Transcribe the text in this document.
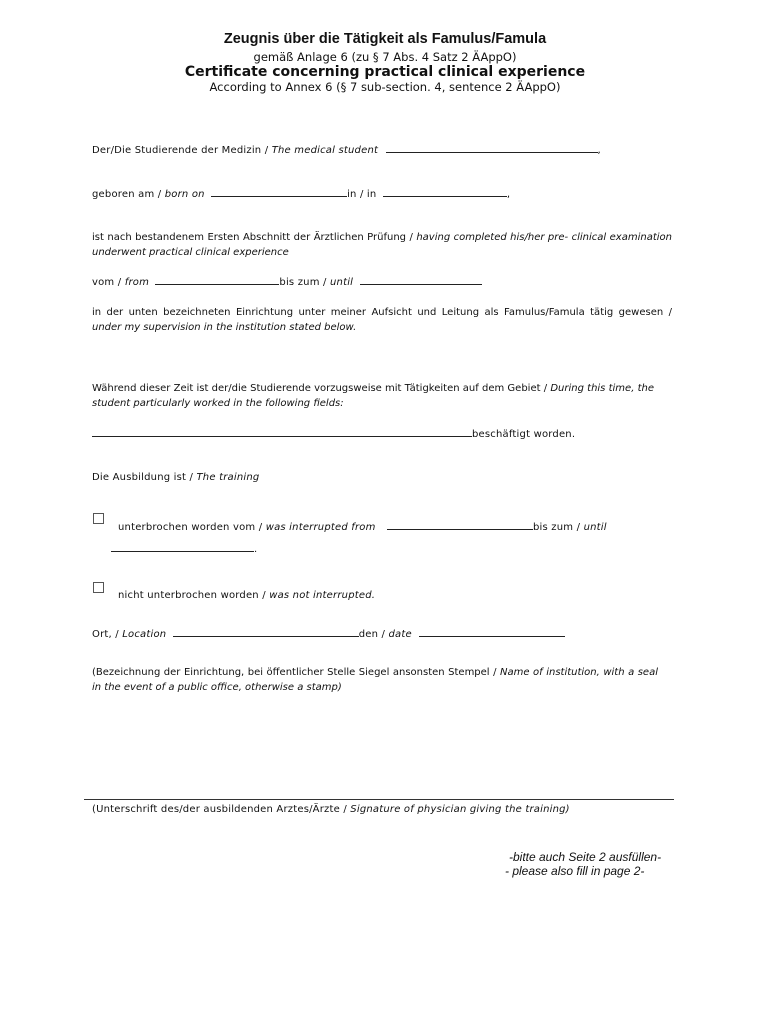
Zeugnis über die Tätigkeit als Famulus/Famula
gemäß Anlage 6 (zu § 7 Abs. 4 Satz 2 ÄAppO)
Certificate concerning practical clinical experience
According to Annex 6 (§ 7 sub-section. 4, sentence 2 ÄAppO)
Der/Die Studierende der Medizin / The medical student	,
geboren am / born on	in / in	,
ist nach bestandenem Ersten Abschnitt der Ärztlichen Prüfung / having completed his/her pre- clinical examination underwent practical clinical experience
vom / from	bis zum / until
in der unten bezeichneten Einrichtung unter meiner Aufsicht und Leitung als Famulus/Famula tätig gewesen / under my supervision in the institution stated below.
Während dieser Zeit ist der/die Studierende vorzugsweise mit Tätigkeiten auf dem Gebiet / During this time, the student particularly worked in the following fields:
beschäftigt worden.
Die Ausbildung ist / The training
unterbrochen worden vom / was interrupted from	bis zum / until
.
nicht unterbrochen worden / was not interrupted.
Ort, / Location	den / date
(Bezeichnung der Einrichtung, bei öffentlicher Stelle Siegel ansonsten Stempel / Name of institution, with a seal in the event of a public office, otherwise a stamp)
(Unterschrift des/der ausbildenden Arztes/Ärzte / Signature of physician giving the training)
-bitte auch Seite 2 ausfüllen-
- please also fill in page 2-
